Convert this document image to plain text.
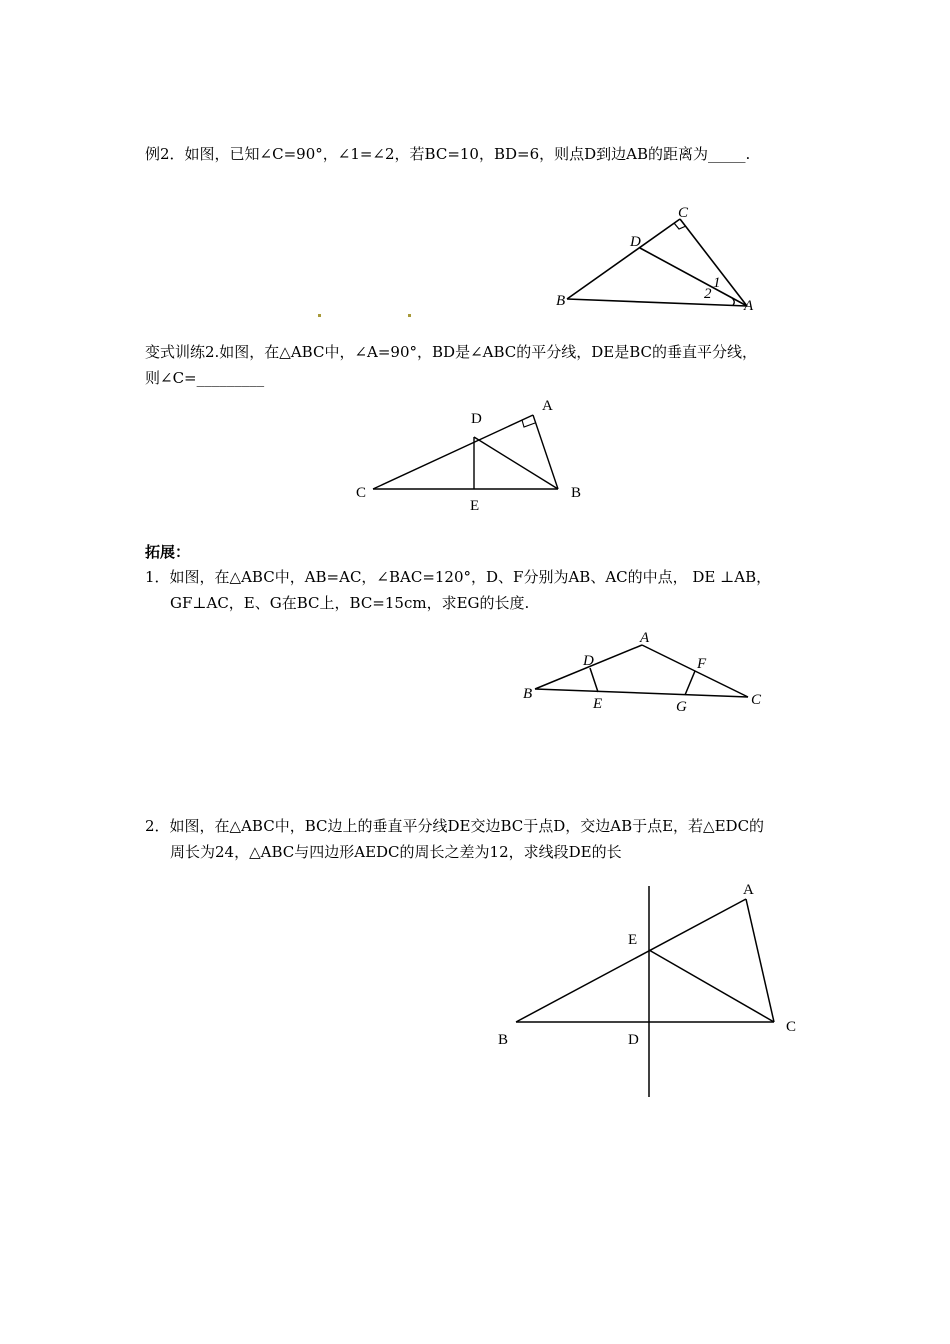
例2．如图，已知∠C=90°，∠1=∠2，若BC=10，BD=6，则点D到边AB的距离为_____.
C
D
B	A
1
2
变式训练2.如图，在△ABC中，∠A=90°，BD是∠ABC的平分线，DE是BC的垂直平分线，
则∠C=_________
A
D
C
E
B
拓展：
1．如图，在△ABC中，AB=AC，∠BAC=120°，D、F分别为AB、AC的中点， DE ⊥AB，
GF⊥AC，E、G在BC上，BC=15cm，求EG的长度.
A
D	F
B
E	G	C
2．如图，在△ABC中，BC边上的垂直平分线DE交边BC于点D，交边AB于点E，若△EDC的
周长为24，△ABC与四边形AEDC的周长之差为12，求线段DE的长
A
E
B	D
C
